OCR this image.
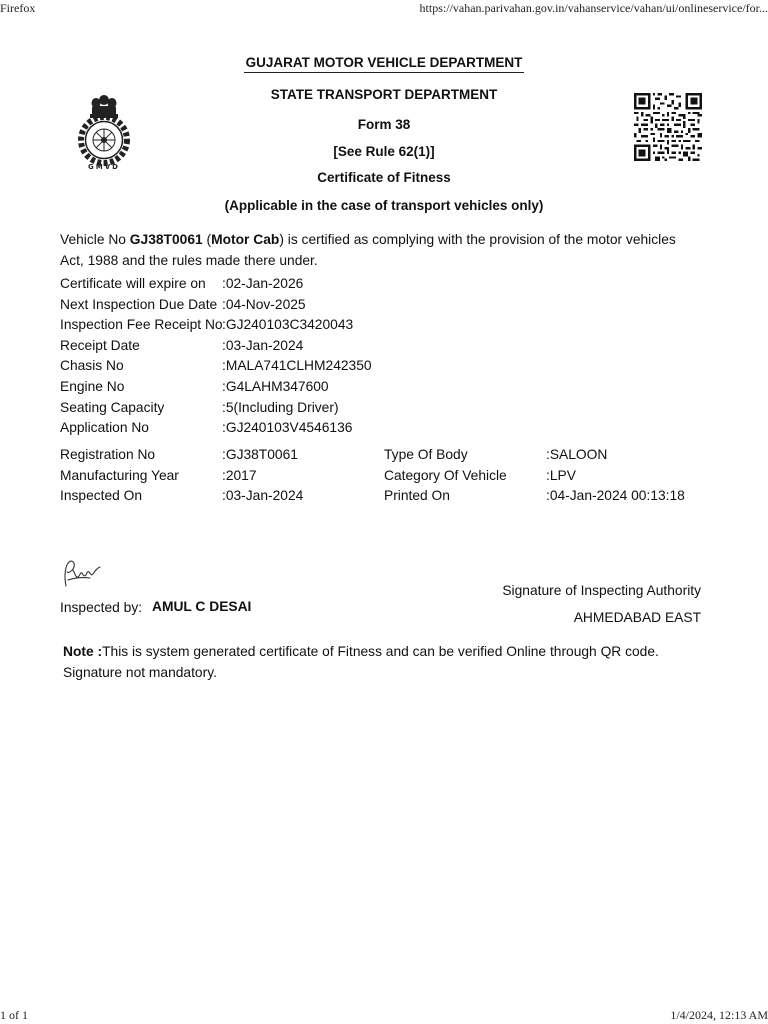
Firefox	https://vahan.parivahan.gov.in/vahanservice/vahan/ui/onlineservice/for...
GMVD
GUJARAT MOTOR VEHICLE DEPARTMENT
STATE TRANSPORT DEPARTMENT
Form 38
[See Rule 62(1)]
Certificate of Fitness
(Applicable in the case of transport vehicles only)
Vehicle No GJ38T0061 (Motor Cab) is certified as complying with the provision of the motor vehicles Act, 1988 and the rules made there under.
Certificate will expire on :02-Jan-2026
Next Inspection Due Date :04-Nov-2025
Inspection Fee Receipt No :GJ240103C3420043
Receipt Date	:03-Jan-2024
Chasis No	:MALA741CLHM242350
Engine No	:G4LAHM347600
Seating Capacity	:5(Including Driver)
Application No	:GJ240103V4546136
Registration No	:GJ38T0061	Type Of Body	:SALOON
Manufacturing Year	:2017	Category Of Vehicle	:LPV
Inspected On	:03-Jan-2024	Printed On	:04-Jan-2024 00:13:18
Signature of Inspecting Authority
Inspected by: AMUL C DESAI
AHMEDABAD EAST
Note :This is system generated certificate of Fitness and can be verified Online through QR code. Signature not mandatory.
1 of 1	1/4/2024, 12:13 AM
